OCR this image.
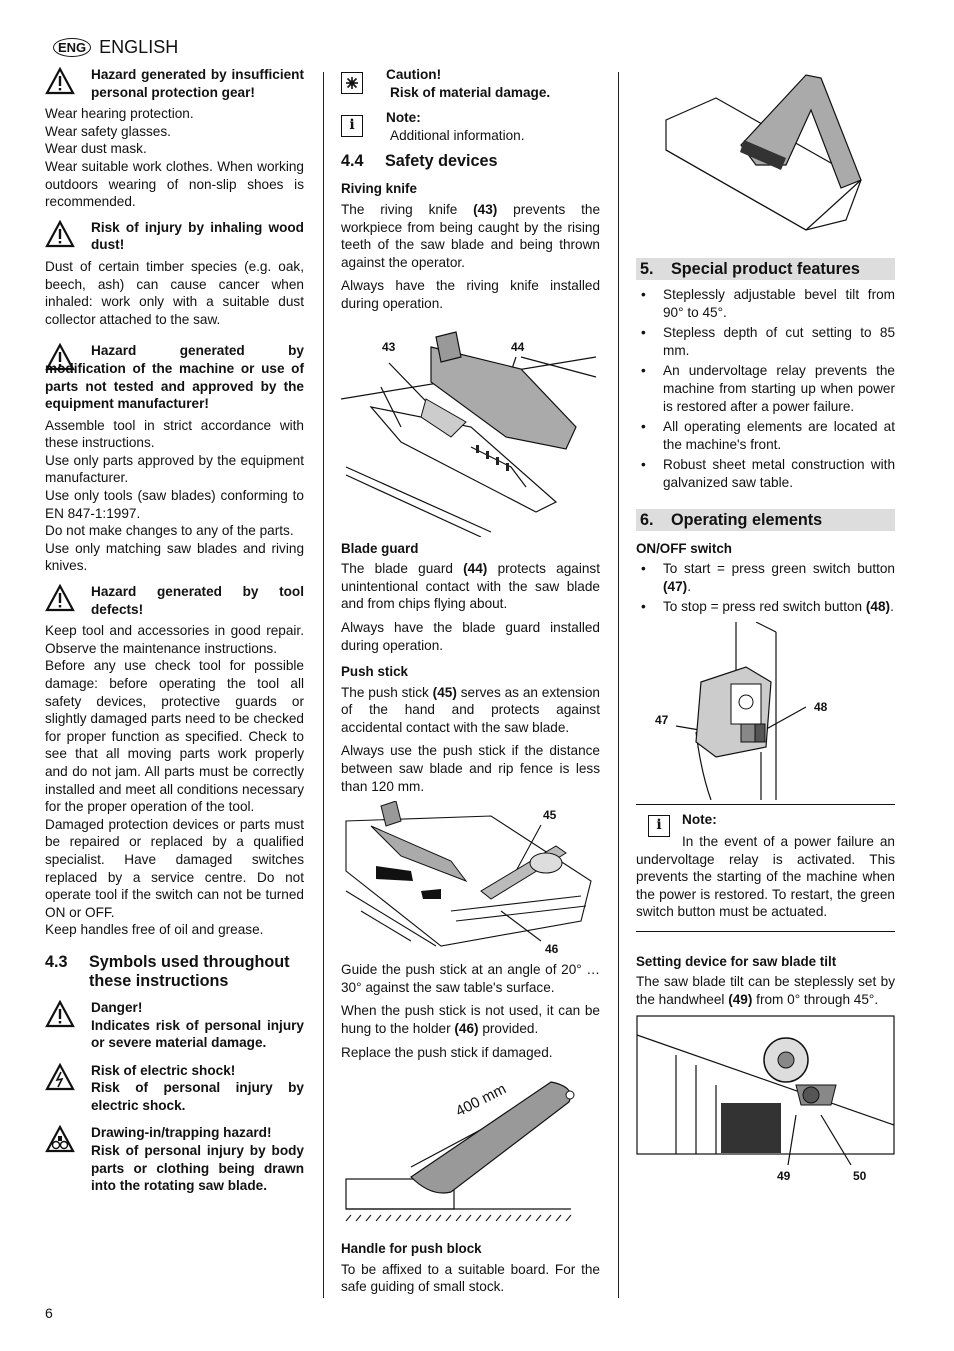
ENG ENGLISH
Hazard generated by insufficient personal protection gear!

Wear hearing protection.

Wear safety glasses.

Wear dust mask.

Wear suitable work clothes. When working outdoors wearing of non-slip shoes is recommended.

Risk of injury by inhaling wood dust!

Dust of certain timber species (e.g. oak, beech, ash) can cause cancer when inhaled: work only with a suitable dust collector attached to the saw.

Hazard generated by modification of the machine or use of parts not tested and approved by the equipment manufacturer!

Assemble tool in strict accordance with these instructions.

Use only parts approved by the equipment manufacturer.

Use only tools (saw blades) conforming to EN 847-1:1997.

Do not make changes to any of the parts.

Use only matching saw blades and riving knives.

Hazard generated by tool defects!

Keep tool and accessories in good repair. Observe the maintenance instructions.

Before any use check tool for possible damage: before operating the tool all safety devices, protective guards or slightly damaged parts need to be checked for proper function as specified. Check to see that all moving parts work properly and do not jam. All parts must be correctly installed and meet all conditions necessary for the proper operation of the tool.

Damaged protection devices or parts must be repaired or replaced by a qualified specialist. Have damaged switches replaced by a service centre. Do not operate tool if the switch can not be turned ON or OFF.

Keep handles free of oil and grease.

4.3	Symbols used throughout these instructions
Danger!
Indicates risk of personal injury or severe material damage.
Risk of electric shock!
Risk of personal injury by electric shock.
Drawing-in/trapping hazard!
Risk of personal injury by body parts or clothing being drawn into the rotating saw blade.
Caution!
Risk of material damage.
i	Note:
Additional information.
4.4	Safety devices
Riving knife

The riving knife (43) prevents the workpiece from being caught by the rising teeth of the saw blade and being thrown against the operator.

Always have the riving knife installed during operation.

43	44
Blade guard

The blade guard (44) protects against unintentional contact with the saw blade and from chips flying about.

Always have the blade guard installed during operation.

Push stick

The push stick (45) serves as an extension of the hand and protects against accidental contact with the saw blade.

Always use the push stick if the distance between saw blade and rip fence is less than 120 mm.

45
46

Guide the push stick at an angle of 20° … 30° against the saw table's surface.

When the push stick is not used, it can be hung to the holder (46) provided.

Replace the push stick if damaged.

400 mm
Handle for push block

To be affixed to a suitable board. For the safe guiding of small stock.

5.	Special product features
• Steplessly adjustable bevel tilt from 90° to 45°.
• Stepless depth of cut setting to 85 mm.
• An undervoltage relay prevents the machine from starting up when power is restored after a power failure.
• All operating elements are located at the machine's front.
• Robust sheet metal construction with galvanized saw table.
6.	Operating elements
ON/OFF switch
• To start = press green switch button (47).
• To stop = press red switch button (48).
47
48
i	Note:

In the event of a power failure an undervoltage relay is activated. This prevents the starting of the machine when the power is restored. To restart, the green switch button must be actuated.

Setting device for saw blade tilt

The saw blade tilt can be steplessly set by the handwheel (49) from 0° through 45°.

49	50
6
